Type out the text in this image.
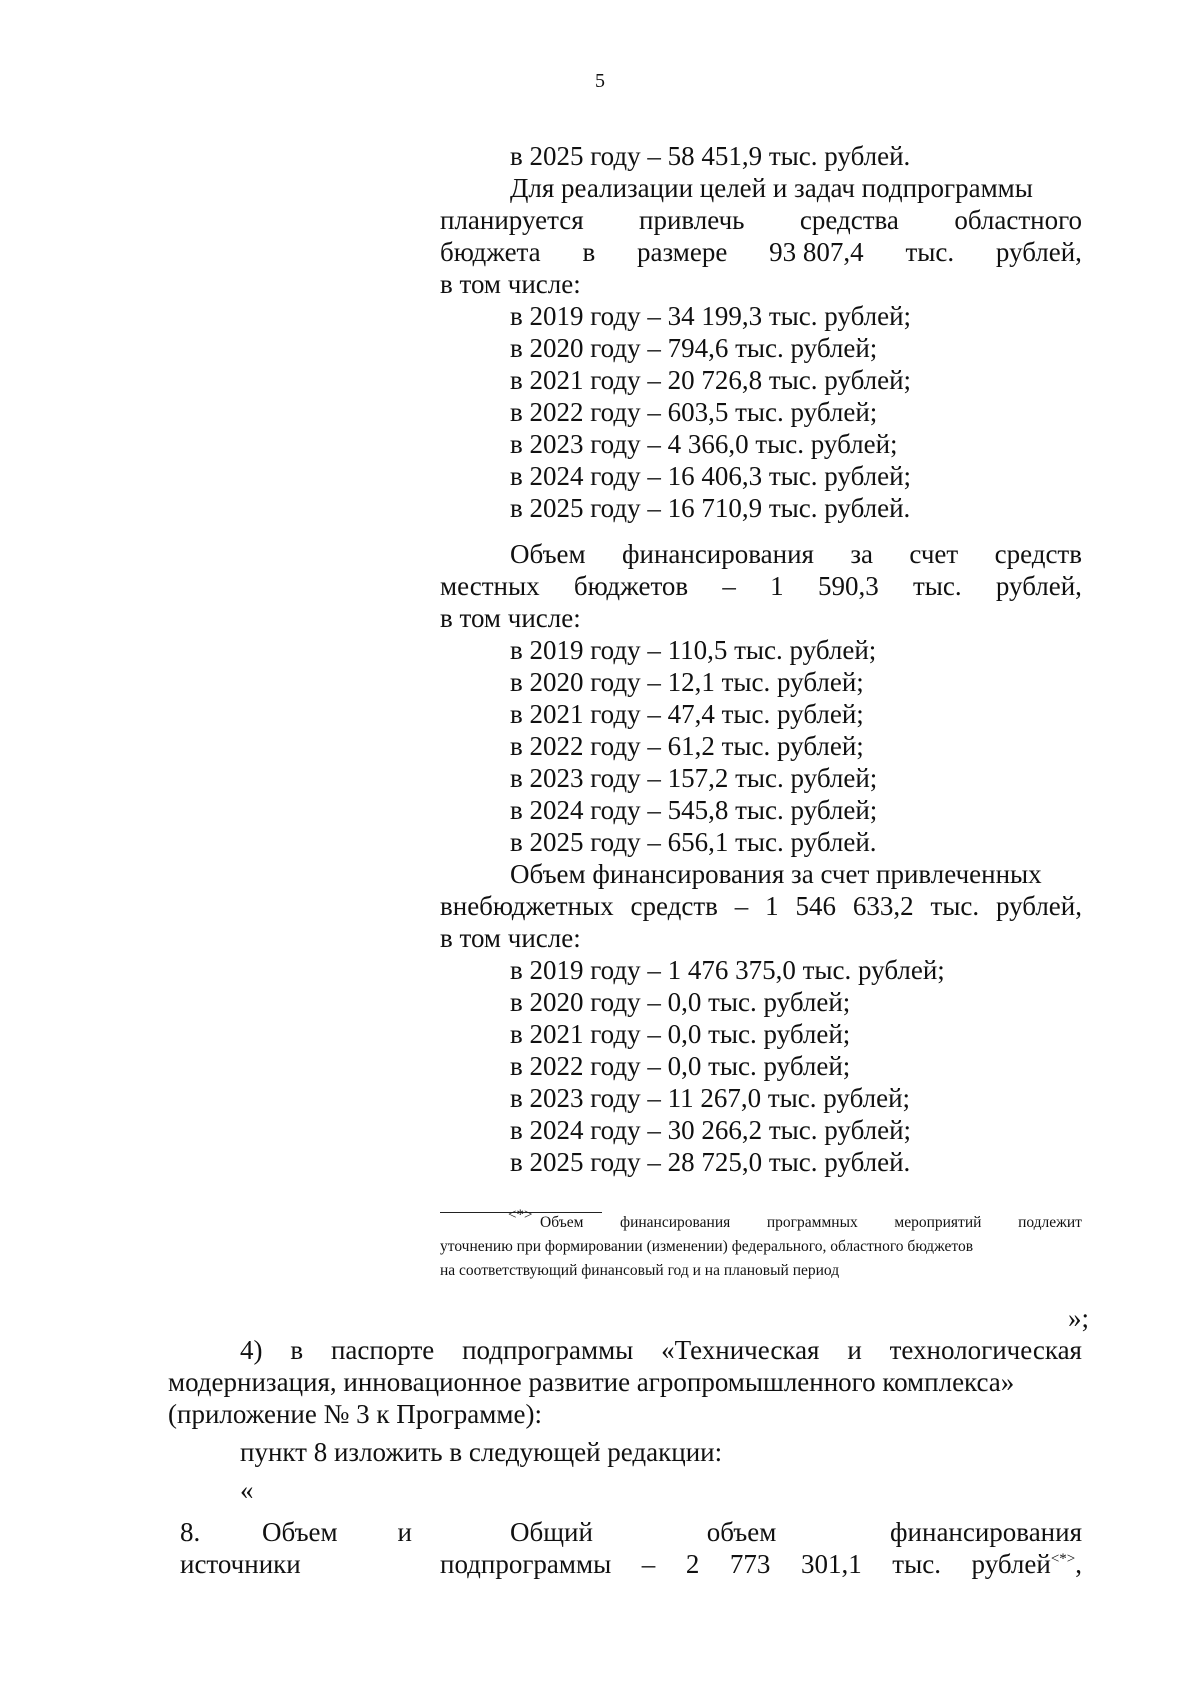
5
в 2025 году – 58 451,9 тыс. рублей.
Для реализации целей и задач подпрограммы
планируется привлечь средства областного
бюджета в размере 93 807,4 тыс. рублей,
в том числе:
в 2019 году – 34 199,3 тыс. рублей;
в 2020 году – 794,6 тыс. рублей;
в 2021 году – 20 726,8 тыс. рублей;
в 2022 году – 603,5 тыс. рублей;
в 2023 году – 4 366,0 тыс. рублей;
в 2024 году – 16 406,3 тыс. рублей;
в 2025 году – 16 710,9 тыс. рублей.
Объем финансирования за счет средств
местных бюджетов – 1 590,3 тыс. рублей,
в том числе:
в 2019 году – 110,5 тыс. рублей;
в 2020 году – 12,1 тыс. рублей;
в 2021 году – 47,4 тыс. рублей;
в 2022 году – 61,2 тыс. рублей;
в 2023 году – 157,2 тыс. рублей;
в 2024 году – 545,8 тыс. рублей;
в 2025 году – 656,1 тыс. рублей.
Объем финансирования за счет привлеченных
внебюджетных средств – 1 546 633,2 тыс. рублей,
в том числе:
в 2019 году – 1 476 375,0 тыс. рублей;
в 2020 году – 0,0 тыс. рублей;
в 2021 году – 0,0 тыс. рублей;
в 2022 году – 0,0 тыс. рублей;
в 2023 году – 11 267,0 тыс. рублей;
в 2024 году – 30 266,2 тыс. рублей;
в 2025 году – 28 725,0 тыс. рублей.
<*> Объем финансирования программных мероприятий подлежит
уточнению при формировании (изменении) федерального, областного бюджетов
на соответствующий финансовый год и на плановый период
»;
4) в паспорте подпрограммы «Техническая и технологическая
модернизация, инновационное развитие агропромышленного комплекса»
(приложение № 3 к Программе):
пункт 8 изложить в следующей редакции:
«
8. Объем и
источники
Общий	объем	финансирования
подпрограммы – 2 773 301,1 тыс. рублей<*>,
